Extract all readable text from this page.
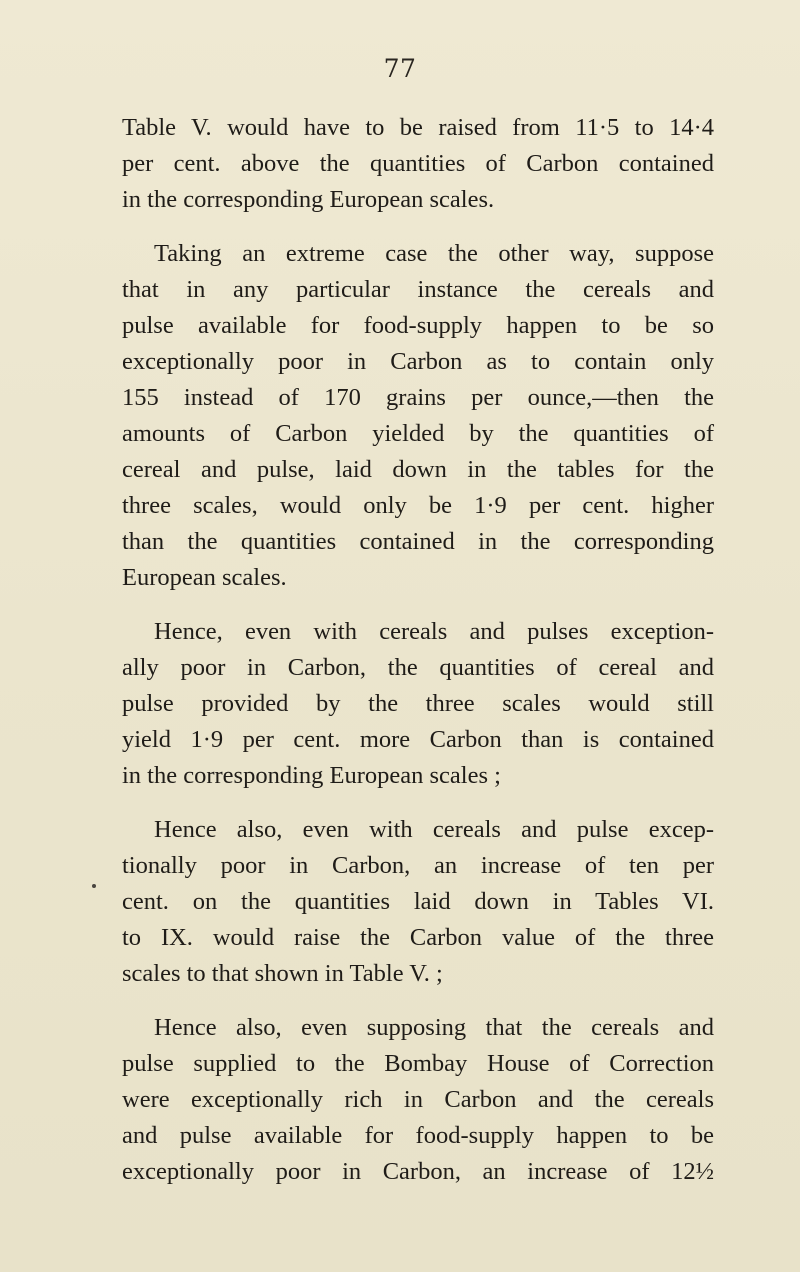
77

Table V. would have to be raised from 11·5 to 14·4
per cent. above the quantities of Carbon contained
in the corresponding European scales.

Taking an extreme case the other way, suppose
that in any particular instance the cereals and
pulse available for food-supply happen to be so
exceptionally poor in Carbon as to contain only
155 instead of 170 grains per ounce,—then the
amounts of Carbon yielded by the quantities of
cereal and pulse, laid down in the tables for the
three scales, would only be 1·9 per cent. higher
than the quantities contained in the corresponding
European scales.

Hence, even with cereals and pulses exception-
ally poor in Carbon, the quantities of cereal and
pulse provided by the three scales would still
yield 1·9 per cent. more Carbon than is contained
in the corresponding European scales ;

Hence also, even with cereals and pulse excep-
tionally poor in Carbon, an increase of ten per
cent. on the quantities laid down in Tables VI.
to IX. would raise the Carbon value of the three
scales to that shown in Table V. ;

Hence also, even supposing that the cereals and
pulse supplied to the Bombay House of Correction
were exceptionally rich in Carbon and the cereals
and pulse available for food-supply happen to be
exceptionally poor in Carbon, an increase of 12½
